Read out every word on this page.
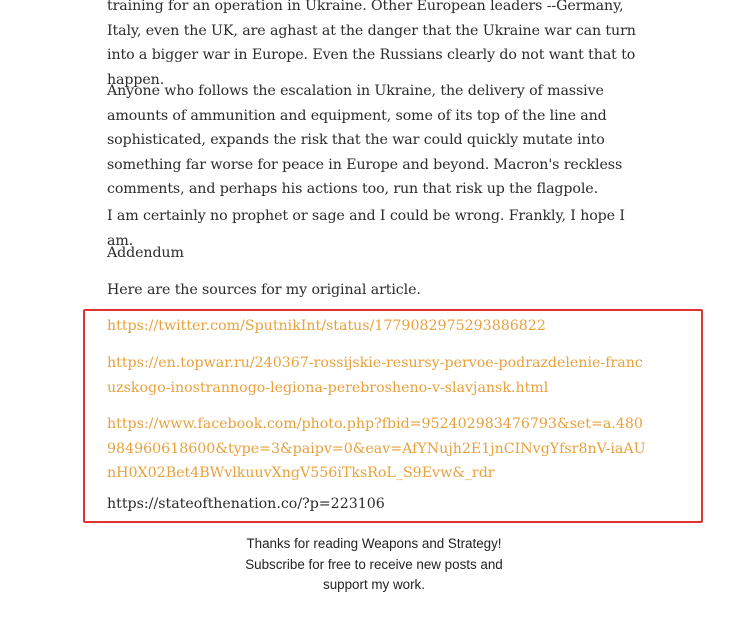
training for an operation in Ukraine. Other European leaders --Germany, Italy, even the UK, are aghast at the danger that the Ukraine war can turn into a bigger war in Europe. Even the Russians clearly do not want that to happen.

Anyone who follows the escalation in Ukraine, the delivery of massive amounts of ammunition and equipment, some of its top of the line and sophisticated, expands the risk that the war could quickly mutate into something far worse for peace in Europe and beyond. Macron's reckless comments, and perhaps his actions too, run that risk up the flagpole.

I am certainly no prophet or sage and I could be wrong. Frankly, I hope I am.

Addendum

Here are the sources for my original article.

https://twitter.com/SputnikInt/status/1779082975293886822
https://en.topwar.ru/240367-rossijskie-resursy-pervoe-podrazdelenie-francuzskogo-inostrannogo-legiona-perebrosheno-v-slavjansk.html
https://www.facebook.com/photo.php?fbid=952402983476793&set=a.480984960618600&type=3&paipv=0&eav=AfYNujh2E1jnCINvgYfsr8nV-iaAUnH0X02Bet4BWvlkuuvXngV556iTksRoL_S9Evw&_rdr
https://stateofthenation.co/?p=223106
Thanks for reading Weapons and Strategy!
Subscribe for free to receive new posts and
support my work.
